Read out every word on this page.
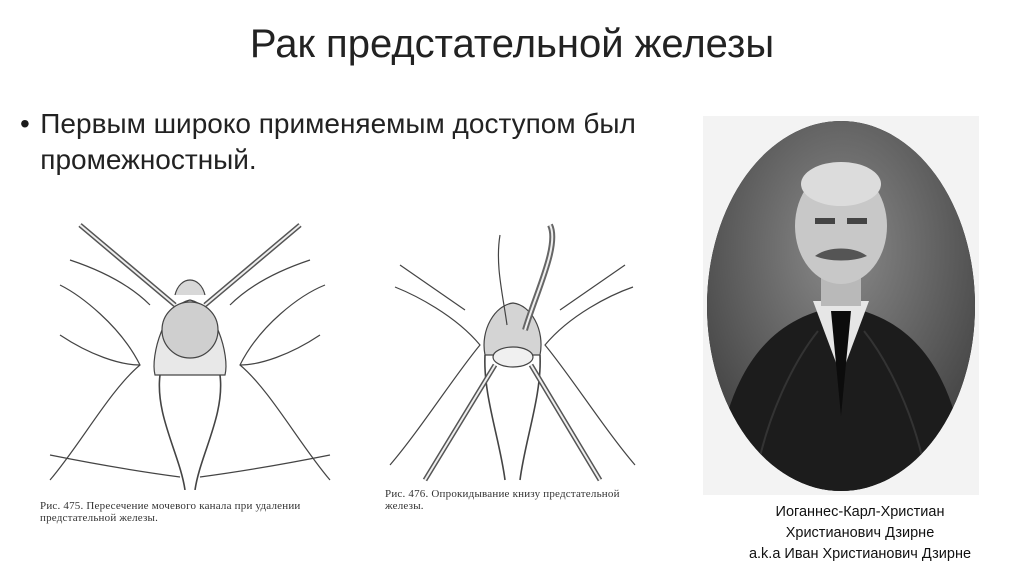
Рак предстательной железы
• Первым широко применяемым доступом был промежностный.
Рис. 475. Пересечение мочевого канала при удалении предстательной железы.
Рис. 476. Опрокидывание книзу предстательной железы.	Иоганнес-Карл-Христиан
Христианович Дзирне
a.k.a Иван Христианович Дзирне
